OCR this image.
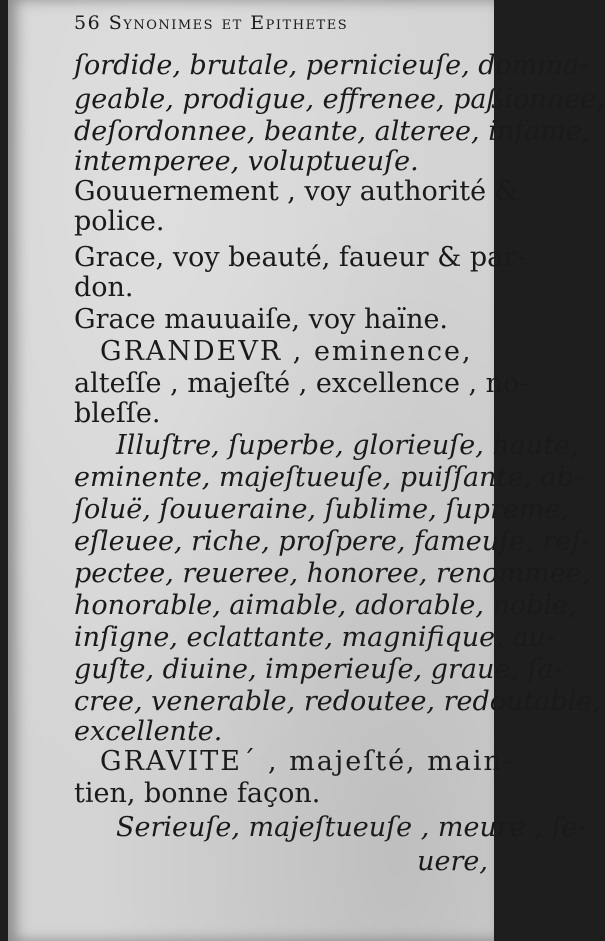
56 Synonimes et Epithetes
ſordide, brutale, pernicieuſe, domma-
geable, prodigue, effrenee, paßionnee,
deſordonnee, beante, alteree, infame,
intemperee, voluptueuſe.
Gouuernement , voy authorité &
police.
Grace, voy beauté, faueur & par-
don.
Grace mauuaiſe, voy haïne.
GRANDEVR , eminence,
alteſſe , majeſté , excellence , no-
bleſſe.
Illuſtre, ſuperbe, glorieuſe, haute,
eminente, majeſtueuſe, puiſſante, ab-
ſoluë, ſouueraine, ſublime, ſupreme,
eſleuee, riche, proſpere, fameuſe, reſ-
pectee, reueree, honoree, renommee,
honorable, aimable, adorable, noble,
inſigne, eclattante, magnifique, au-
guſte, diuine, imperieuſe, graue, ſa-
cree, venerable, redoutee, redoutable,
excellente.
GRAVITE´ , majeſté, main-
tien, bonne façon.
Serieuſe, majeſtueuſe , meure , ſe-
uere,
